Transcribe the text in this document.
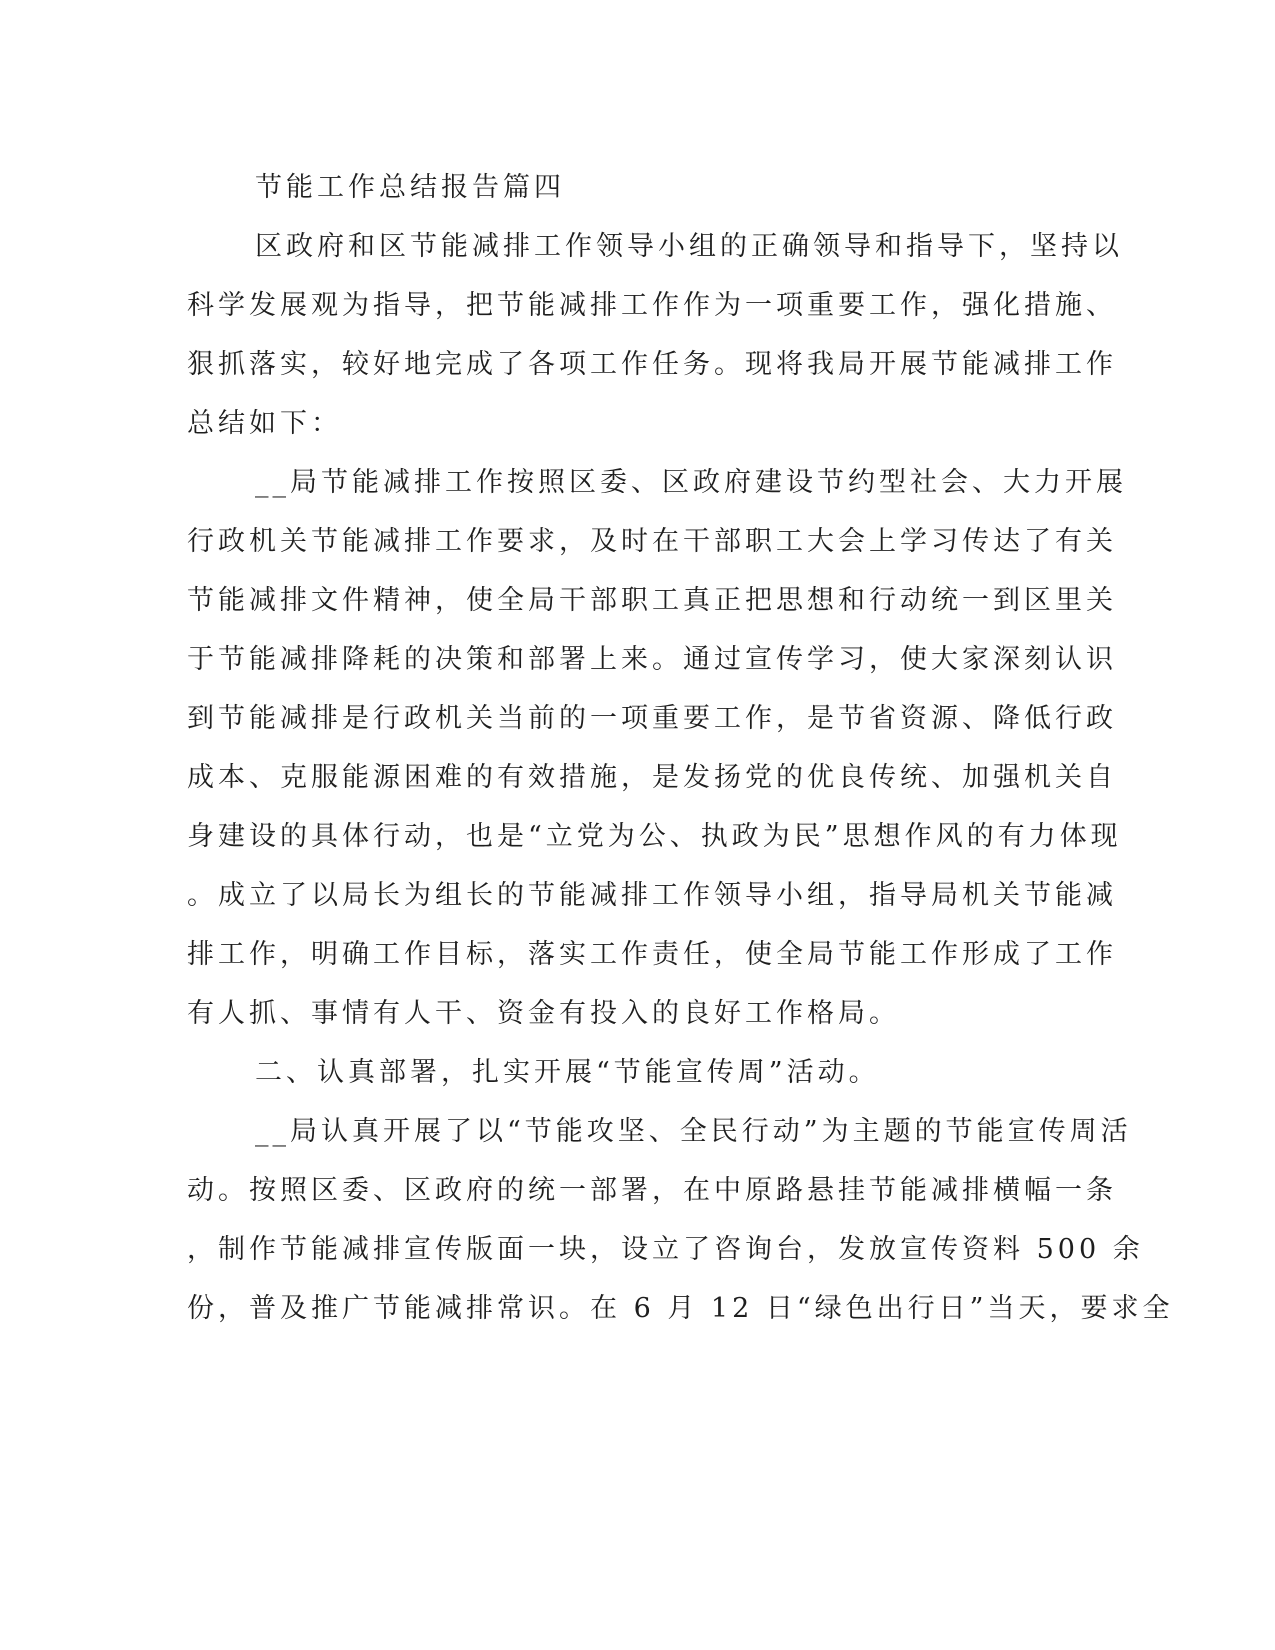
节能工作总结报告篇四
区政府和区节能减排工作领导小组的正确领导和指导下，坚持以
科学发展观为指导，把节能减排工作作为一项重要工作，强化措施、
狠抓落实，较好地完成了各项工作任务。现将我局开展节能减排工作
总结如下：
__局节能减排工作按照区委、区政府建设节约型社会、大力开展
行政机关节能减排工作要求，及时在干部职工大会上学习传达了有关
节能减排文件精神，使全局干部职工真正把思想和行动统一到区里关
于节能减排降耗的决策和部署上来。通过宣传学习，使大家深刻认识
到节能减排是行政机关当前的一项重要工作，是节省资源、降低行政
成本、克服能源困难的有效措施，是发扬党的优良传统、加强机关自
身建设的具体行动，也是“立党为公、执政为民”思想作风的有力体现
。成立了以局长为组长的节能减排工作领导小组，指导局机关节能减
排工作，明确工作目标，落实工作责任，使全局节能工作形成了工作
有人抓、事情有人干、资金有投入的良好工作格局。
二、认真部署，扎实开展“节能宣传周”活动。
__局认真开展了以“节能攻坚、全民行动”为主题的节能宣传周活
动。按照区委、区政府的统一部署，在中原路悬挂节能减排横幅一条
，制作节能减排宣传版面一块，设立了咨询台，发放宣传资料 500 余
份，普及推广节能减排常识。在 6 月 12 日“绿色出行日”当天，要求全
